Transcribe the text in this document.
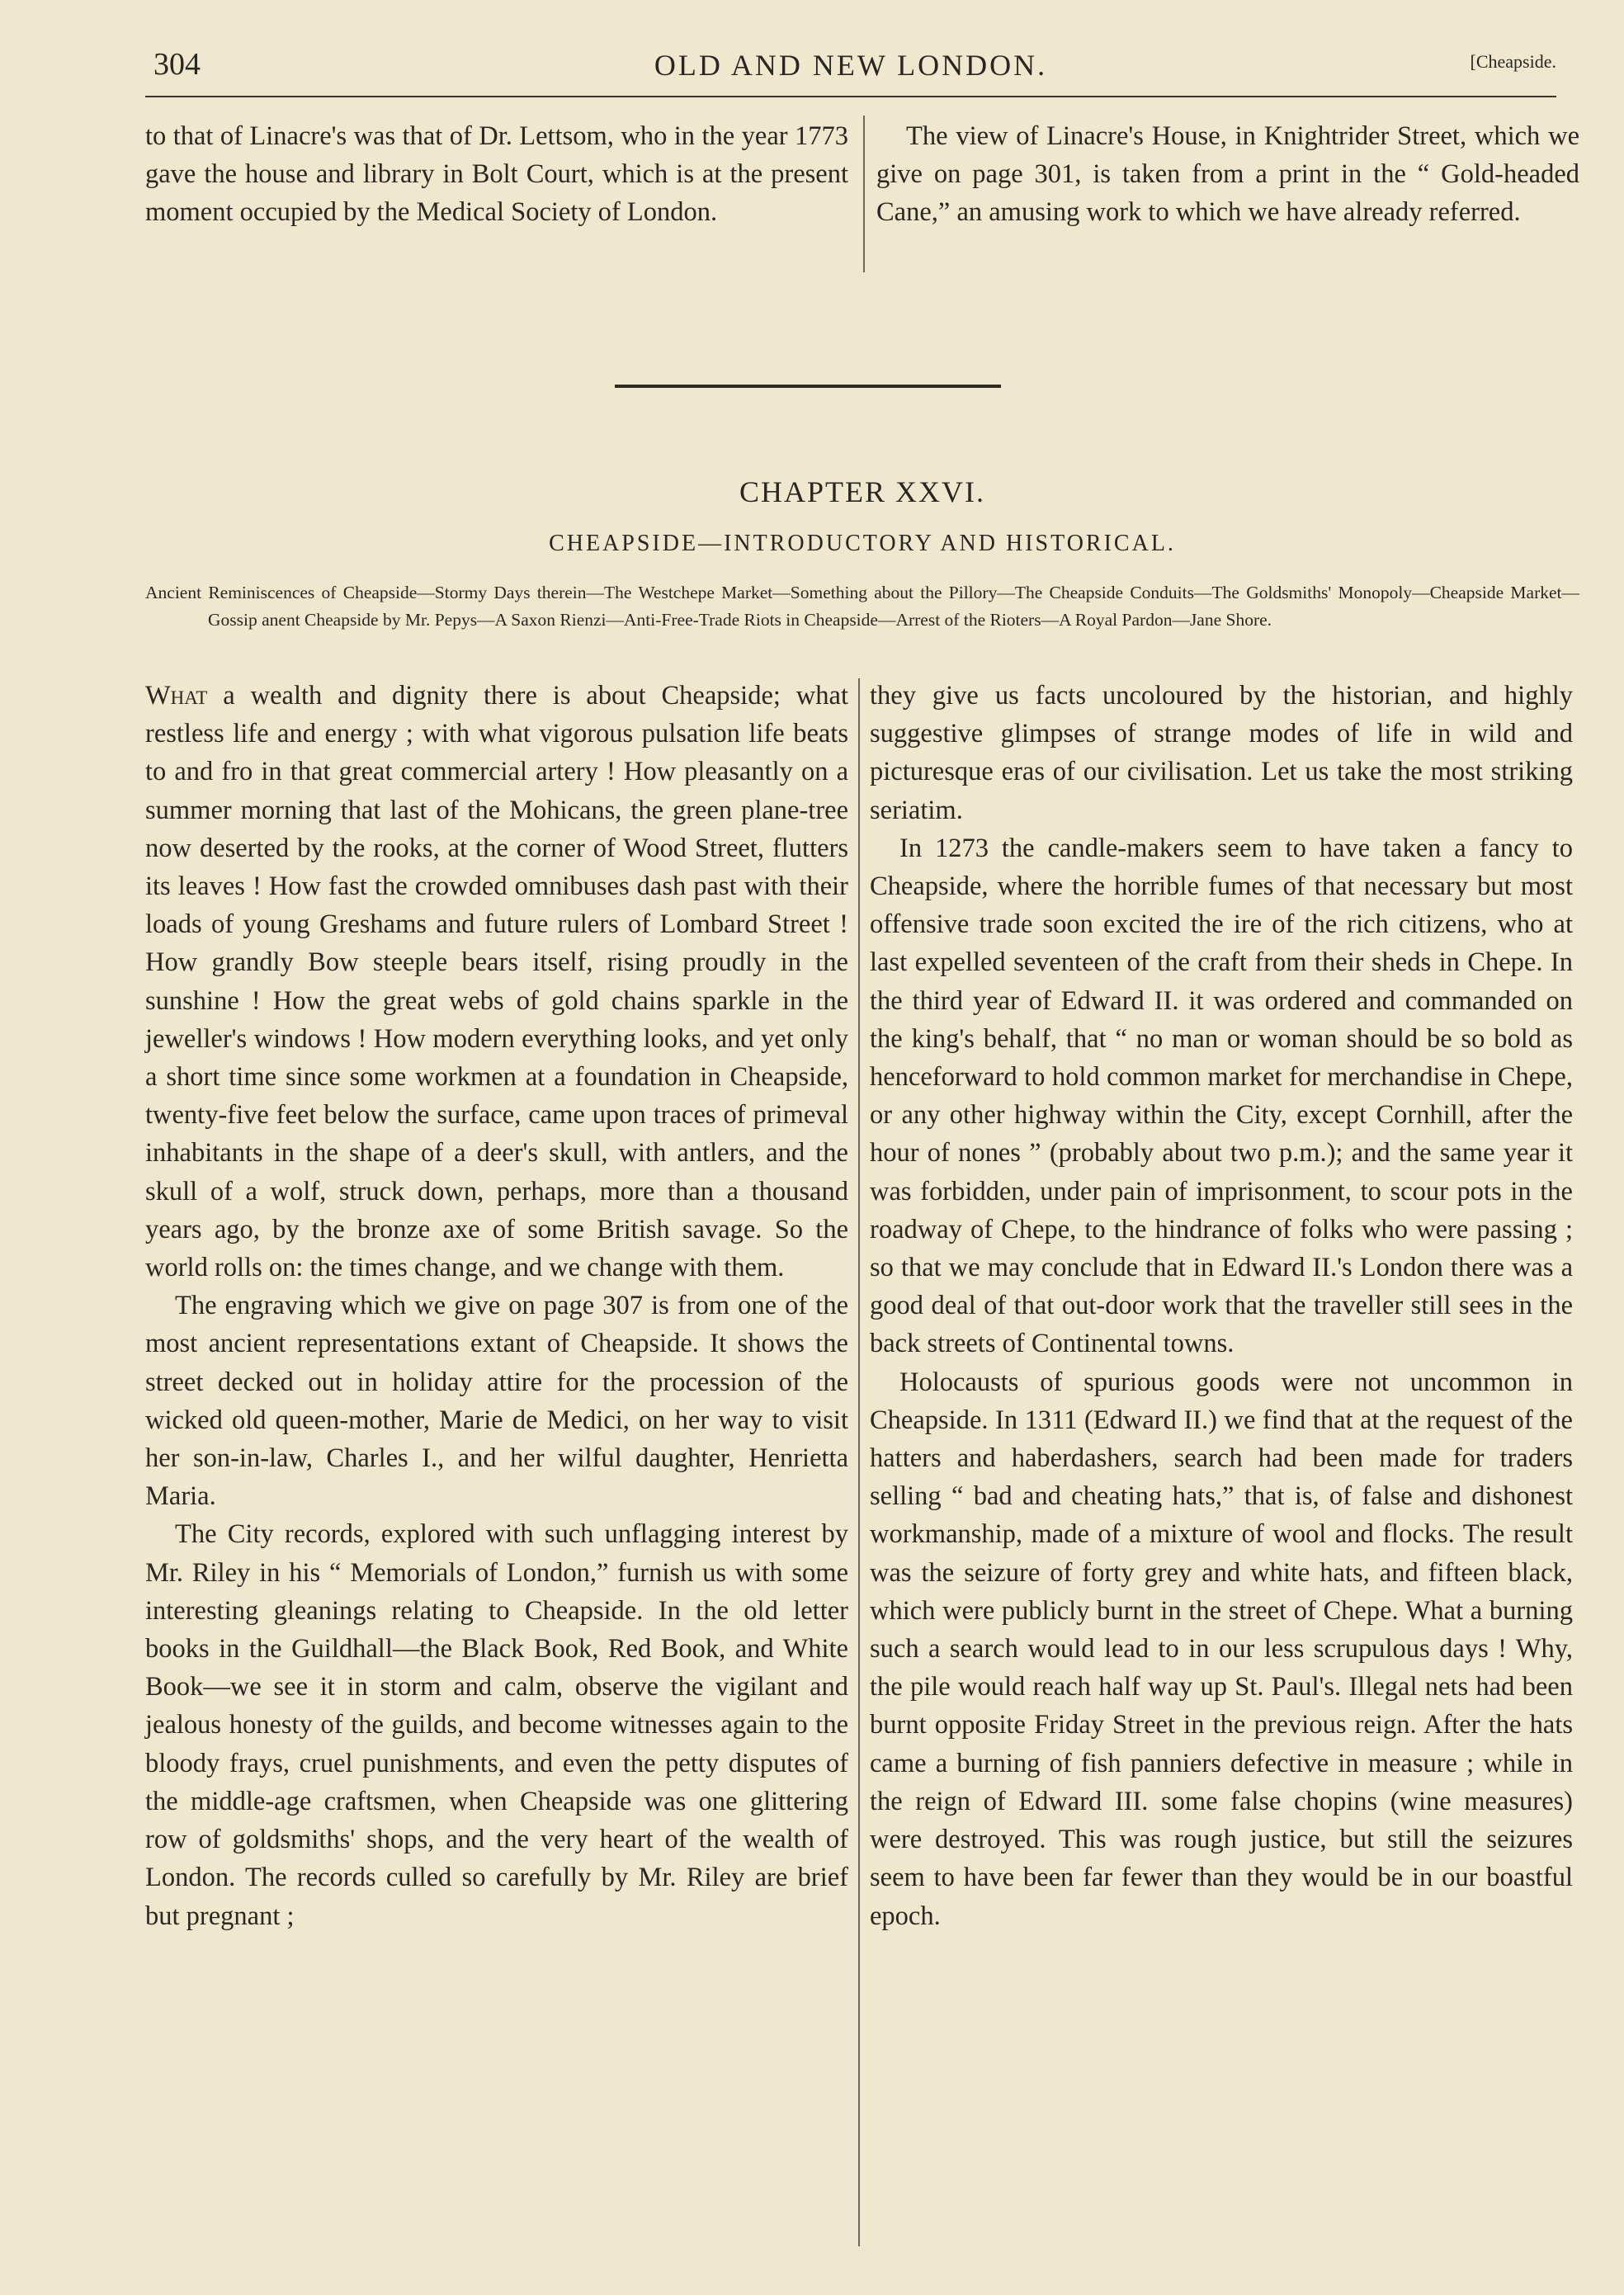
304	OLD AND NEW LONDON.	[Cheapside.

to that of Linacre's was that of Dr. Lettsom, who in the year 1773 gave the house and library in Bolt Court, which is at the present moment occupied by the Medical Society of London.

The view of Linacre's House, in Knightrider Street, which we give on page 301, is taken from a print in the “ Gold-headed Cane,” an amusing work to which we have already referred.

CHAPTER XXVI.
CHEAPSIDE—INTRODUCTORY AND HISTORICAL.

Ancient Reminiscences of Cheapside—Stormy Days therein—The Westchepe Market—Something about the Pillory—The Cheapside Conduits—The Goldsmiths' Monopoly—Cheapside Market—Gossip anent Cheapside by Mr. Pepys—A Saxon Rienzi—Anti-Free-Trade Riots in Cheapside—Arrest of the Rioters—A Royal Pardon—Jane Shore.

What a wealth and dignity there is about Cheapside; what restless life and energy ; with what vigorous pulsation life beats to and fro in that great commercial artery ! How pleasantly on a summer morning that last of the Mohicans, the green plane-tree now deserted by the rooks, at the corner of Wood Street, flutters its leaves ! How fast the crowded omnibuses dash past with their loads of young Greshams and future rulers of Lombard Street ! How grandly Bow steeple bears itself, rising proudly in the sunshine ! How the great webs of gold chains sparkle in the jeweller's windows ! How modern everything looks, and yet only a short time since some workmen at a foundation in Cheapside, twenty-five feet below the surface, came upon traces of primeval inhabitants in the shape of a deer's skull, with antlers, and the skull of a wolf, struck down, perhaps, more than a thousand years ago, by the bronze axe of some British savage. So the world rolls on: the times change, and we change with them.

The engraving which we give on page 307 is from one of the most ancient representations extant of Cheapside. It shows the street decked out in holiday attire for the procession of the wicked old queen-mother, Marie de Medici, on her way to visit her son-in-law, Charles I., and her wilful daughter, Henrietta Maria.

The City records, explored with such unflagging interest by Mr. Riley in his “ Memorials of London,” furnish us with some interesting gleanings relating to Cheapside. In the old letter books in the Guildhall—the Black Book, Red Book, and White Book—we see it in storm and calm, observe the vigilant and jealous honesty of the guilds, and become witnesses again to the bloody frays, cruel punishments, and even the petty disputes of the middle-age craftsmen, when Cheapside was one glittering row of goldsmiths' shops, and the very heart of the wealth of London. The records culled so carefully by Mr. Riley are brief but pregnant ;

they give us facts uncoloured by the historian, and highly suggestive glimpses of strange modes of life in wild and picturesque eras of our civilisation. Let us take the most striking seriatim.

In 1273 the candle-makers seem to have taken a fancy to Cheapside, where the horrible fumes of that necessary but most offensive trade soon excited the ire of the rich citizens, who at last expelled seventeen of the craft from their sheds in Chepe. In the third year of Edward II. it was ordered and commanded on the king's behalf, that “ no man or woman should be so bold as henceforward to hold common market for merchandise in Chepe, or any other highway within the City, except Cornhill, after the hour of nones ” (probably about two p.m.); and the same year it was forbidden, under pain of imprisonment, to scour pots in the roadway of Chepe, to the hindrance of folks who were passing ; so that we may conclude that in Edward II.'s London there was a good deal of that out-door work that the traveller still sees in the back streets of Continental towns.

Holocausts of spurious goods were not uncommon in Cheapside. In 1311 (Edward II.) we find that at the request of the hatters and haberdashers, search had been made for traders selling “ bad and cheating hats,” that is, of false and dishonest workmanship, made of a mixture of wool and flocks. The result was the seizure of forty grey and white hats, and fifteen black, which were publicly burnt in the street of Chepe. What a burning such a search would lead to in our less scrupulous days ! Why, the pile would reach half way up St. Paul's. Illegal nets had been burnt opposite Friday Street in the previous reign. After the hats came a burning of fish panniers defective in measure ; while in the reign of Edward III. some false chopins (wine measures) were destroyed. This was rough justice, but still the seizures seem to have been far fewer than they would be in our boastful epoch.
